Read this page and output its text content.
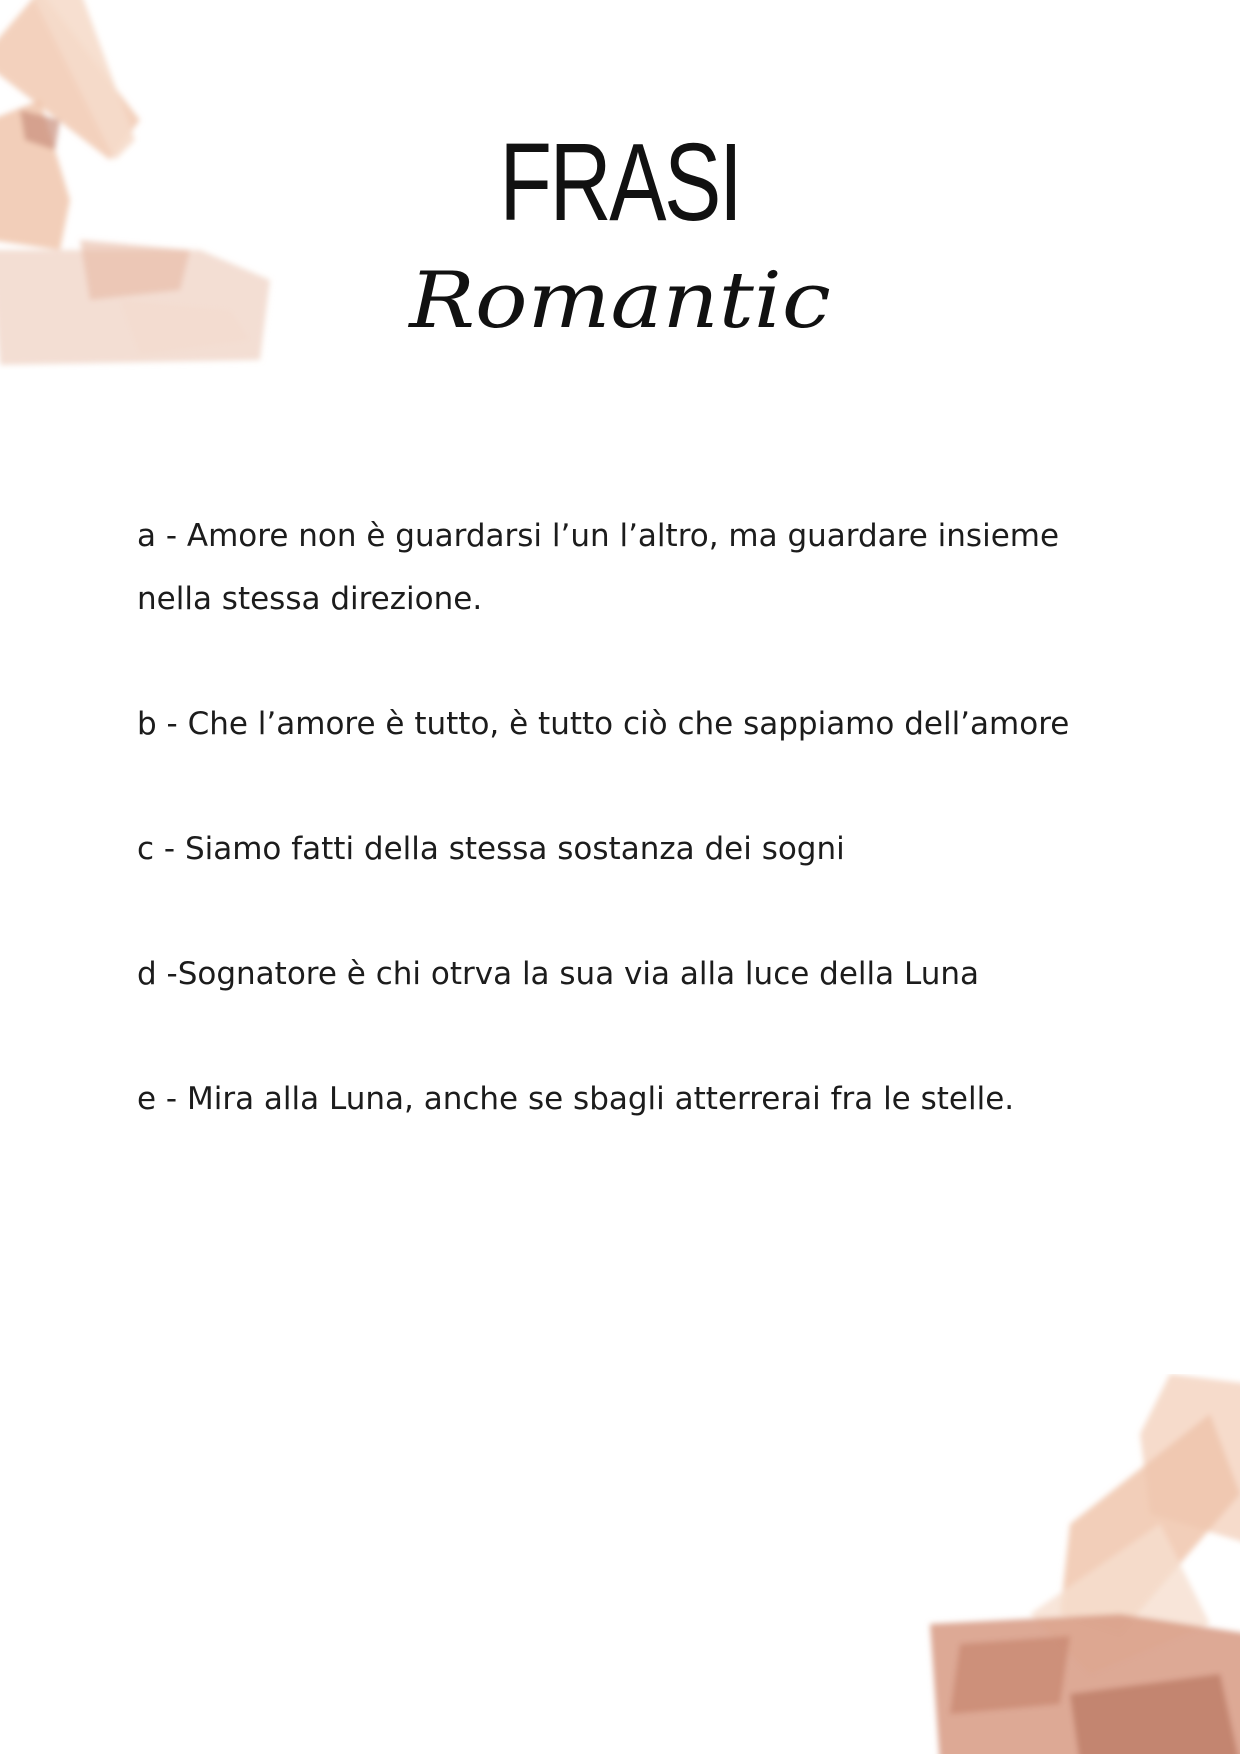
FRASI
Romantic
a - Amore non è guardarsi l’un l’altro, ma guardare insieme
nella stessa direzione.
b - Che l’amore è tutto, è tutto ciò che sappiamo dell’amore
c - Siamo fatti della stessa sostanza dei sogni
d -Sognatore è chi otrva la sua via alla luce della Luna
e - Mira alla Luna, anche se sbagli atterrerai fra le stelle.
